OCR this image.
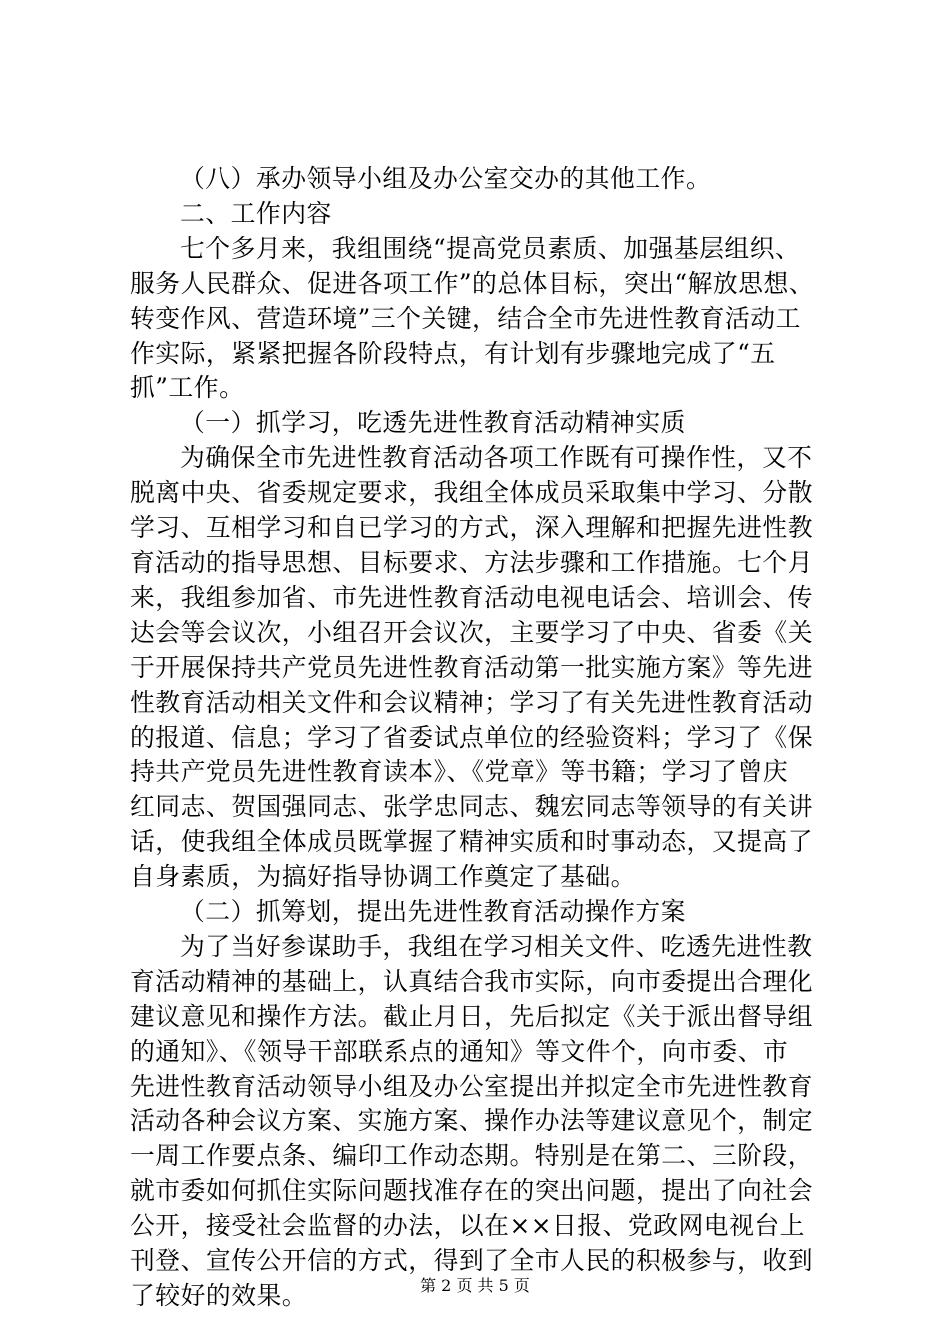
（八）承办领导小组及办公室交办的其他工作。
二、工作内容
七个多月来，我组围绕“提高党员素质、加强基层组织、
服务人民群众、促进各项工作”的总体目标，突出“解放思想、
转变作风、营造环境”三个关键，结合全市先进性教育活动工
作实际，紧紧把握各阶段特点，有计划有步骤地完成了“五
抓”工作。
（一）抓学习，吃透先进性教育活动精神实质
为确保全市先进性教育活动各项工作既有可操作性，又不
脱离中央、省委规定要求，我组全体成员采取集中学习、分散
学习、互相学习和自已学习的方式，深入理解和把握先进性教
育活动的指导思想、目标要求、方法步骤和工作措施。七个月
来，我组参加省、市先进性教育活动电视电话会、培训会、传
达会等会议次，小组召开会议次，主要学习了中央、省委《关
于开展保持共产党员先进性教育活动第一批实施方案》等先进
性教育活动相关文件和会议精神；学习了有关先进性教育活动
的报道、信息；学习了省委试点单位的经验资料；学习了《保
持共产党员先进性教育读本》、《党章》等书籍；学习了曾庆
红同志、贺国强同志、张学忠同志、魏宏同志等领导的有关讲
话，使我组全体成员既掌握了精神实质和时事动态，又提高了
自身素质，为搞好指导协调工作奠定了基础。
（二）抓筹划，提出先进性教育活动操作方案
为了当好参谋助手，我组在学习相关文件、吃透先进性教
育活动精神的基础上，认真结合我市实际，向市委提出合理化
建议意见和操作方法。截止月日，先后拟定《关于派出督导组
的通知》、《领导干部联系点的通知》等文件个，向市委、市
先进性教育活动领导小组及办公室提出并拟定全市先进性教育
活动各种会议方案、实施方案、操作办法等建议意见个，制定
一周工作要点条、编印工作动态期。特别是在第二、三阶段，
就市委如何抓住实际问题找准存在的突出问题，提出了向社会
公开，接受社会监督的办法，以在××日报、党政网电视台上
刊登、宣传公开信的方式，得到了全市人民的积极参与，收到
了较好的效果。	第 2 页 共 5 页
